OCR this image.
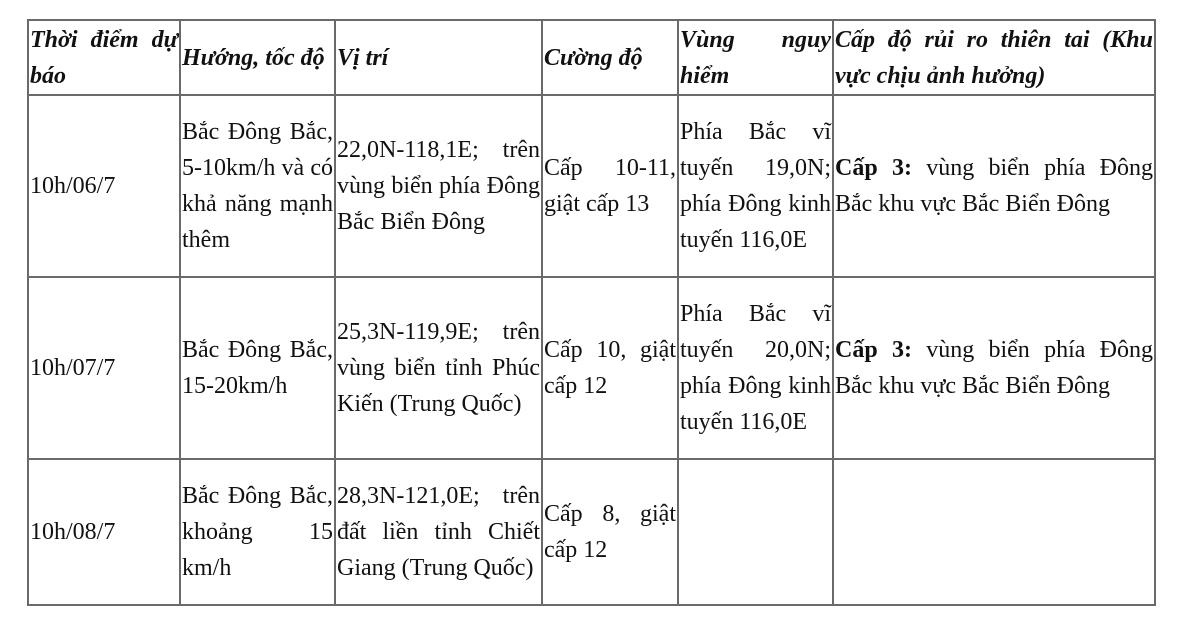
Thời điểm dự báo	Hướng, tốc độ	Vị trí	Cường độ	Vùng nguy hiểm	Cấp độ rủi ro thiên tai (Khu vực chịu ảnh hưởng)
10h/06/7	Bắc Đông Bắc, 5-10km/h và có khả năng mạnh thêm	22,0N-118,1E; trên vùng biển phía Đông Bắc Biển Đông	Cấp 10-11, giật cấp 13	Phía Bắc vĩ tuyến 19,0N; phía Đông kinh tuyến 116,0E	Cấp 3: vùng biển phía Đông Bắc khu vực Bắc Biển Đông
10h/07/7	Bắc Đông Bắc, 15-20km/h	25,3N-119,9E; trên vùng biển tỉnh Phúc Kiến (Trung Quốc)	Cấp 10, giật cấp 12	Phía Bắc vĩ tuyến 20,0N; phía Đông kinh tuyến 116,0E	Cấp 3: vùng biển phía Đông Bắc khu vực Bắc Biển Đông
10h/08/7	Bắc Đông Bắc, khoảng 15 km/h	28,3N-121,0E; trên đất liền tỉnh Chiết Giang (Trung Quốc)	Cấp 8, giật cấp 12		
